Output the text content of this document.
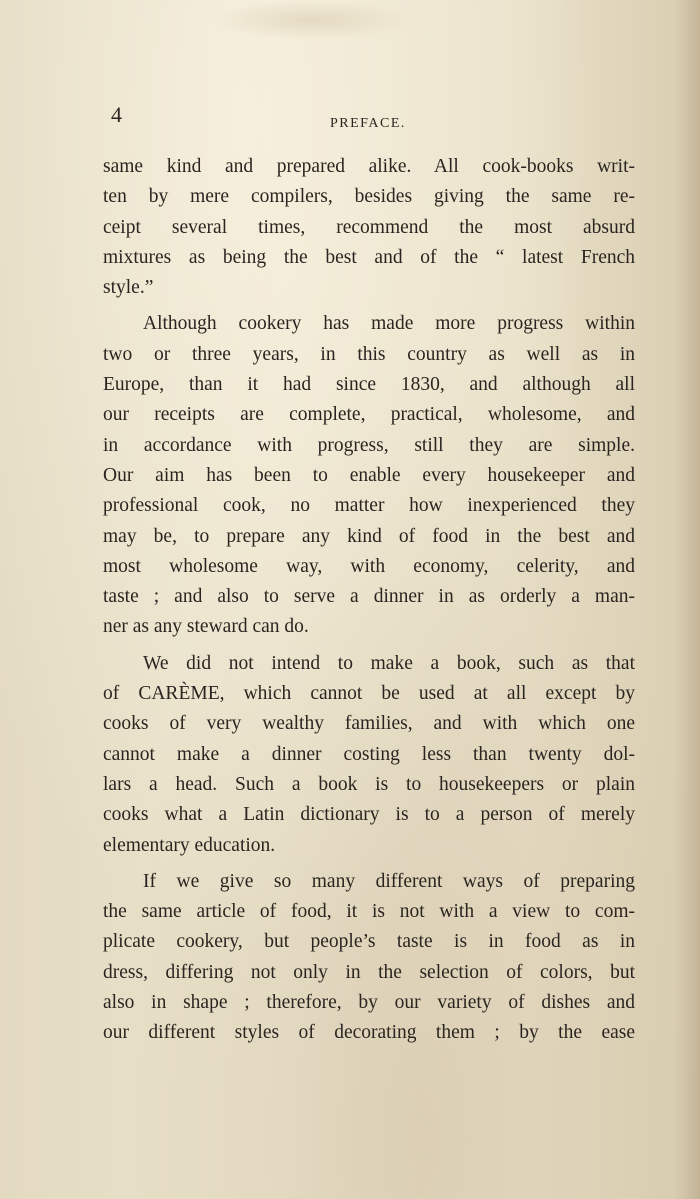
4	PREFACE.
same kind and prepared alike. All cook-books writ-
ten by mere compilers, besides giving the same re-
ceipt several times, recommend the most absurd
mixtures as being the best and of the “ latest French
style.”
Although cookery has made more progress within
two or three years, in this country as well as in
Europe, than it had since 1830, and although all
our receipts are complete, practical, wholesome, and
in accordance with progress, still they are simple.
Our aim has been to enable every housekeeper and
professional cook, no matter how inexperienced they
may be, to prepare any kind of food in the best and
most wholesome way, with economy, celerity, and
taste ; and also to serve a dinner in as orderly a man-
ner as any steward can do.
We did not intend to make a book, such as that
of CARÈME, which cannot be used at all except by
cooks of very wealthy families, and with which one
cannot make a dinner costing less than twenty dol-
lars a head. Such a book is to housekeepers or plain
cooks what a Latin dictionary is to a person of merely
elementary education.
If we give so many different ways of preparing
the same article of food, it is not with a view to com-
plicate cookery, but people’s taste is in food as in
dress, differing not only in the selection of colors, but
also in shape ; therefore, by our variety of dishes and
our different styles of decorating them ; by the ease
